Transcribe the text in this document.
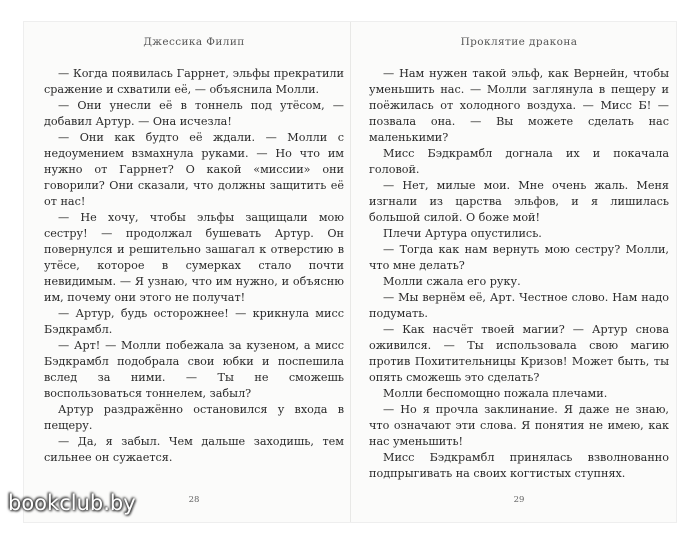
Джессика Филип

— Когда появилась Гаррнет, эльфы прекратили сражение и схватили её, — объяснила Молли.

— Они унесли её в тоннель под утёсом, — добавил Артур. — Она исчезла!

— Они как будто её ждали. — Молли с недоумением взмахнула руками. — Но что им нужно от Гаррнет? О какой «миссии» они говорили? Они сказали, что должны защитить её от нас!

— Не хочу, чтобы эльфы защищали мою сестру! — продолжал бушевать Артур. Он повернулся и решительно зашагал к отверстию в утёсе, которое в сумерках стало почти невидимым. — Я узнаю, что им нужно, и объясню им, почему они этого не получат!

— Артур, будь осторожнее! — крикнула мисс Бэдкрамбл.

— Арт! — Молли побежала за кузеном, а мисс Бэдкрамбл подобрала свои юбки и поспешила вслед за ними. — Ты не сможешь воспользоваться тоннелем, забыл?

Артур раздражённо остановился у входа в пещеру.

— Да, я забыл. Чем дальше заходишь, тем сильнее он сужается.

28
Проклятие дракона

— Нам нужен такой эльф, как Вернейн, чтобы уменьшить нас. — Молли заглянула в пещеру и поёжилась от холодного воздуха. — Мисс Б! — позвала она. — Вы можете сделать нас маленькими?

Мисс Бэдкрамбл догнала их и покачала головой.

— Нет, милые мои. Мне очень жаль. Меня изгнали из царства эльфов, и я лишилась большой силой. О боже мой!

Плечи Артура опустились.

— Тогда как нам вернуть мою сестру? Молли, что мне делать?

Молли сжала его руку.

— Мы вернём её, Арт. Честное слово. Нам надо подумать.

— Как насчёт твоей магии? — Артур снова оживился. — Ты использовала свою магию против Похитительницы Кризов! Может быть, ты опять сможешь это сделать?

Молли беспомощно пожала плечами.

— Но я прочла заклинание. Я даже не знаю, что означают эти слова. Я понятия не имею, как нас уменьшить!

Мисс Бэдкрамбл принялась взволнованно подпрыгивать на своих когтистых ступнях.

29
bookclub.by
